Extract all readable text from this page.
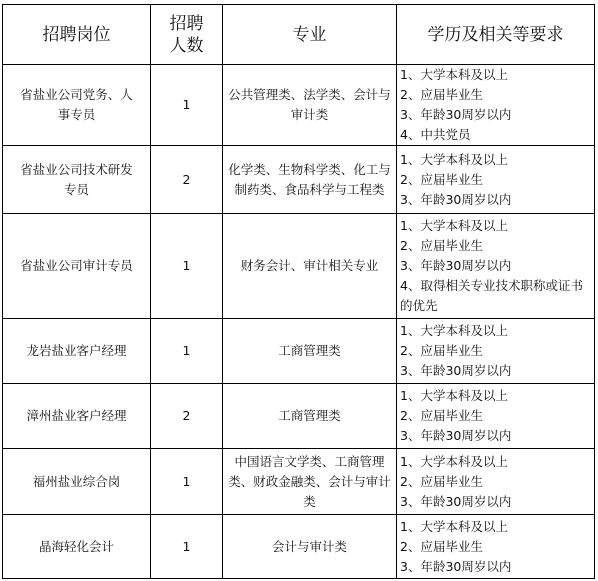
招聘岗位	招聘人数	专业	学历及相关等要求
省盐业公司党务、人事专员	1	公共管理类、法学类、会计与审计类	1、大学本科及以上
2、应届毕业生
3、年龄30周岁以内
4、中共党员

省盐业公司技术研发专员	2	化学类、生物科学类、化工与制药类、食品科学与工程类	1、大学本科及以上
2、应届毕业生
3、年龄30周岁以内

省盐业公司审计专员	1	财务会计、审计相关专业	1、大学本科及以上
2、应届毕业生
3、年龄30周岁以内
4、取得相关专业技术职称或证书的优先

龙岩盐业客户经理	1	工商管理类	1、大学本科及以上
2、应届毕业生
3、年龄30周岁以内

漳州盐业客户经理	2	工商管理类	1、大学本科及以上
2、应届毕业生
3、年龄30周岁以内

福州盐业综合岗	1	中国语言文学类、工商管理类、财政金融类、会计与审计类	1、大学本科及以上
2、应届毕业生
3、年龄30周岁以内

晶海轻化会计	1	会计与审计类	1、大学本科及以上
2、应届毕业生
3、年龄30周岁以内
